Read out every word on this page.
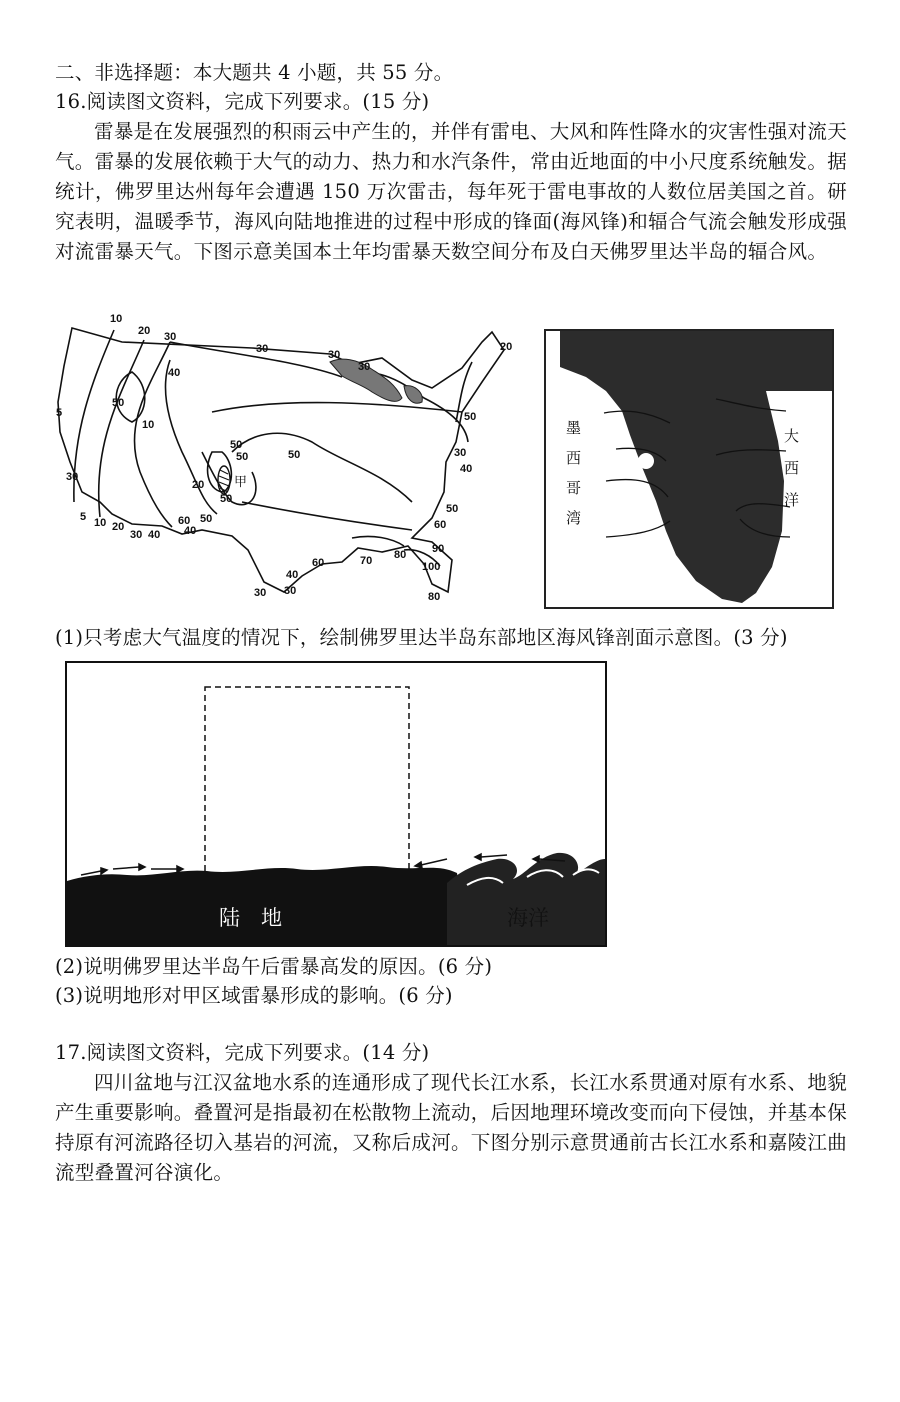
二、非选择题：本大题共 4 小题，共 55 分。
16.阅读图文资料，完成下列要求。(15 分)
雷暴是在发展强烈的积雨云中产生的，并伴有雷电、大风和阵性降水的灾害性强对流天气。雷暴的发展依赖于大气的动力、热力和水汽条件，常由近地面的中小尺度系统触发。据统计，佛罗里达州每年会遭遇 150 万次雷击，每年死于雷电事故的人数位居美国之首。研究表明，温暖季节，海风向陆地推进的过程中形成的锋面(海风锋)和辐合气流会触发形成强对流雷暴天气。下图示意美国本土年均雷暴天数空间分布及白天佛罗里达半岛的辐合风。
10
20 30
30	30
30
20
40
50
50
50
5
10
50
50
20
30
50
5 10 20
30 40 40
50
60
70 80 90
100
80
40
30
30
60
40
30
60 50
甲
墨
西
哥
湾
大
西
洋
佛罗里达半岛的辐合风
(1)只考虑大气温度的情况下，绘制佛罗里达半岛东部地区海风锋剖面示意图。(3 分)
陆　地	海洋
(2)说明佛罗里达半岛午后雷暴高发的原因。(6 分)
(3)说明地形对甲区域雷暴形成的影响。(6 分)
17.阅读图文资料，完成下列要求。(14 分)
四川盆地与江汉盆地水系的连通形成了现代长江水系，长江水系贯通对原有水系、地貌产生重要影响。叠置河是指最初在松散物上流动，后因地理环境改变而向下侵蚀，并基本保持原有河流路径切入基岩的河流，又称后成河。下图分别示意贯通前古长江水系和嘉陵江曲流型叠置河谷演化。
